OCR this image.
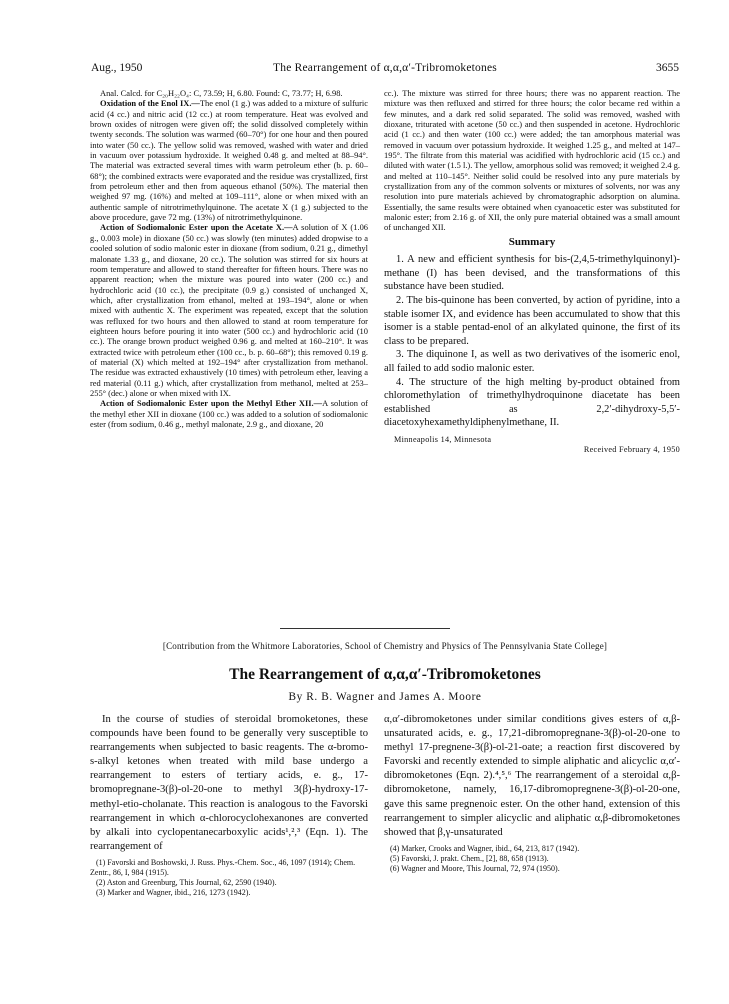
Aug., 1950	The Rearrangement of α,α,α′-Tribromoketones	3655

Anal. Calcd. for C₂₀H₂₂O₄: C, 73.59; H, 6.80. Found: C, 73.77; H, 6.98.

Oxidation of the Enol IX.—The enol (1 g.) was added to a mixture of sulfuric acid (4 cc.) and nitric acid (12 cc.) at room temperature. Heat was evolved and brown oxides of nitrogen were given off; the solid dissolved completely within twenty seconds. The solution was warmed (60–70°) for one hour and then poured into water (50 cc.). The yellow solid was removed, washed with water and dried in vacuum over potassium hydroxide. It weighed 0.48 g. and melted at 88–94°. The material was extracted several times with warm petroleum ether (b. p. 60–68°); the combined extracts were evaporated and the residue was crystallized, first from petroleum ether and then from aqueous ethanol (50%). The material then weighed 97 mg. (16%) and melted at 109–111°, alone or when mixed with an authentic sample of nitrotrimethylquinone. The acetate X (1 g.) subjected to the above procedure, gave 72 mg. (13%) of nitrotrimethylquinone.

Action of Sodiomalonic Ester upon the Acetate X.—A solution of X (1.06 g., 0.003 mole) in dioxane (50 cc.) was slowly (ten minutes) added dropwise to a cooled solution of sodio malonic ester in dioxane (from sodium, 0.21 g., dimethyl malonate 1.33 g., and dioxane, 20 cc.). The solution was stirred for six hours at room temperature and allowed to stand thereafter for fifteen hours. There was no apparent reaction; when the mixture was poured into water (200 cc.) and hydrochloric acid (10 cc.), the precipitate (0.9 g.) consisted of unchanged X, which, after crystallization from ethanol, melted at 193–194°, alone or when mixed with authentic X. The experiment was repeated, except that the solution was refluxed for two hours and then allowed to stand at room temperature for eighteen hours before pouring it into water (500 cc.) and hydrochloric acid (10 cc.). The orange brown product weighed 0.96 g. and melted at 160–210°. It was extracted twice with petroleum ether (100 cc., b. p. 60–68°); this removed 0.19 g. of material (X) which melted at 192–194° after crystallization from methanol. The residue was extracted exhaustively (10 times) with petroleum ether, leaving a red material (0.11 g.) which, after crystallization from methanol, melted at 253–255° (dec.) alone or when mixed with IX.

Action of Sodiomalonic Ester upon the Methyl Ether XII.—A solution of the methyl ether XII in dioxane (100 cc.) was added to a solution of sodiomalonic ester (from sodium, 0.46 g., methyl malonate, 2.9 g., and dioxane, 20

cc.). The mixture was stirred for three hours; there was no apparent reaction. The mixture was then refluxed and stirred for three hours; the color became red within a few minutes, and a dark red solid separated. The solid was removed, washed with dioxane, triturated with acetone (50 cc.) and then suspended in acetone. Hydrochloric acid (1 cc.) and then water (100 cc.) were added; the tan amorphous material was removed in vacuum over potassium hydroxide. It weighed 1.25 g., and melted at 147–195°. The filtrate from this material was acidified with hydrochloric acid (15 cc.) and diluted with water (1.5 l.). The yellow, amorphous solid was removed; it weighed 2.4 g. and melted at 110–145°. Neither solid could be resolved into any pure materials by crystallization from any of the common solvents or mixtures of solvents, nor was any resolution into pure materials achieved by chromatographic adsorption on alumina. Essentially, the same results were obtained when cyanoacetic ester was substituted for malonic ester; from 2.16 g. of XII, the only pure material obtained was a small amount of unchanged XII.

Summary

1. A new and efficient synthesis for bis-(2,4,5-trimethylquinonyl)-methane (I) has been devised, and the transformations of this substance have been studied.

2. The bis-quinone has been converted, by action of pyridine, into a stable isomer IX, and evidence has been accumulated to show that this isomer is a stable pentad-enol of an alkylated quinone, the first of its class to be prepared.

3. The diquinone I, as well as two derivatives of the isomeric enol, all failed to add sodio malonic ester.

4. The structure of the high melting by-product obtained from chloromethylation of trimethylhydroquinone diacetate has been established as 2,2′-dihydroxy-5,5′-diacetoxyhexamethyldiphenylmethane, II.

Minneapolis 14, Minnesota

Received February 4, 1950

[Contribution from the Whitmore Laboratories, School of Chemistry and Physics of The Pennsylvania State College]
The Rearrangement of α,α,α′-Tribromoketones
By R. B. Wagner and James A. Moore

In the course of studies of steroidal bromoketones, these compounds have been found to be generally very susceptible to rearrangements when subjected to basic reagents. The α-bromo-s-alkyl ketones when treated with mild base undergo a rearrangement to esters of tertiary acids, e. g., 17-bromopregnane-3(β)-ol-20-one to methyl 3(β)-hydroxy-17-methyl-etio-cholanate. This reaction is analogous to the Favorski rearrangement in which α-chlorocyclohexanones are converted by alkali into cyclopentanecarboxylic acids¹,²,³ (Eqn. 1). The rearrangement of

(1) Favorski and Boshowski, J. Russ. Phys.-Chem. Soc., 46, 1097 (1914); Chem. Zentr., 86, I, 984 (1915).

(2) Aston and Greenburg, This Journal, 62, 2590 (1940).

(3) Marker and Wagner, ibid., 216, 1273 (1942).

α,α′-dibromoketones under similar conditions gives esters of α,β-unsaturated acids, e. g., 17,21-dibromopregnane-3(β)-ol-20-one to methyl 17-pregnene-3(β)-ol-21-oate; a reaction first discovered by Favorski and recently extended to simple aliphatic and alicyclic α,α′-dibromoketones (Eqn. 2).⁴,⁵,⁶ The rearrangement of a steroidal α,β-dibromoketone, namely, 16,17-dibromopregnene-3(β)-ol-20-one, gave this same pregnenoic ester. On the other hand, extension of this rearrangement to simpler alicyclic and aliphatic α,β-dibromoketones showed that β,γ-unsaturated

(4) Marker, Crooks and Wagner, ibid., 64, 213, 817 (1942).

(5) Favorski, J. prakt. Chem., [2], 88, 658 (1913).

(6) Wagner and Moore, This Journal, 72, 974 (1950).
